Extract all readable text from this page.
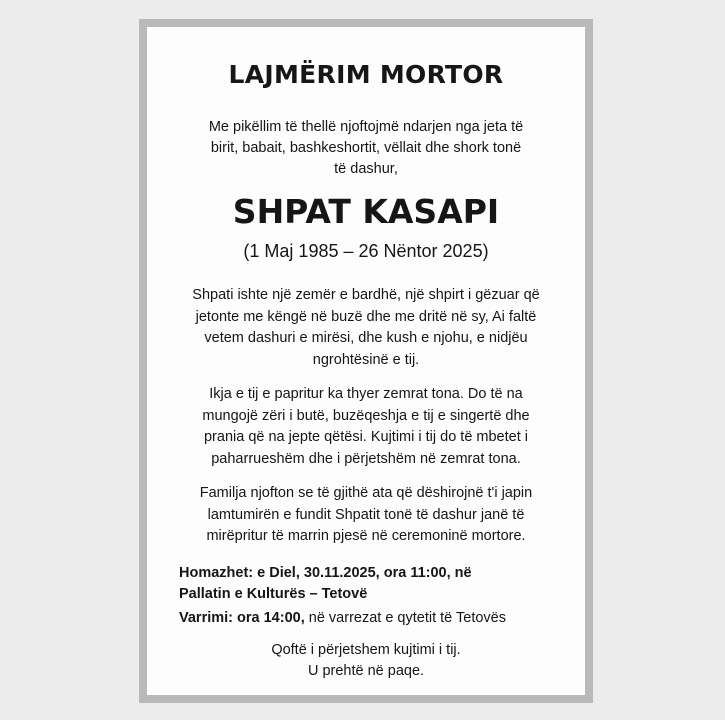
LAJMËRIM MORTOR

Me pikëllim të thellë njoftojmë ndarjen nga jeta të
birit, babait, bashkeshortit, vëllait dhe shork tonë
të dashur,

SHPAT KASAPI

(1 Maj 1985 – 26 Nëntor 2025)

Shpati ishte një zemër e bardhë, një shpirt i gëzuar që
jetonte me këngë në buzë dhe me dritë në sy, Ai faltë
vetem dashuri e mirësi, dhe kush e njohu, e nidjëu
ngrohtësinë e tij.

Ikja e tij e papritur ka thyer zemrat tona. Do të na
mungojë zëri i butë, buzëqeshja e tij e singertë dhe
prania që na jepte qëtësi. Kujtimi i tij do të mbetet i
paharrueshëm dhe i përjetshëm në zemrat tona.

Familja njofton se të gjithë ata që dëshirojnë t'i japin
lamtumirën e fundit Shpatit tonë të dashur janë të
mirëpritur të marrin pjesë në ceremoninë mortore.

Homazhet: e Diel, 30.11.2025, ora 11:00, në
Pallatin e Kulturës – Tetovë

Varrimi: ora 14:00, në varrezat e qytetit të Tetovës

Qoftë i përjetshem kujtimi i tij.
U prehtë në paqe.
